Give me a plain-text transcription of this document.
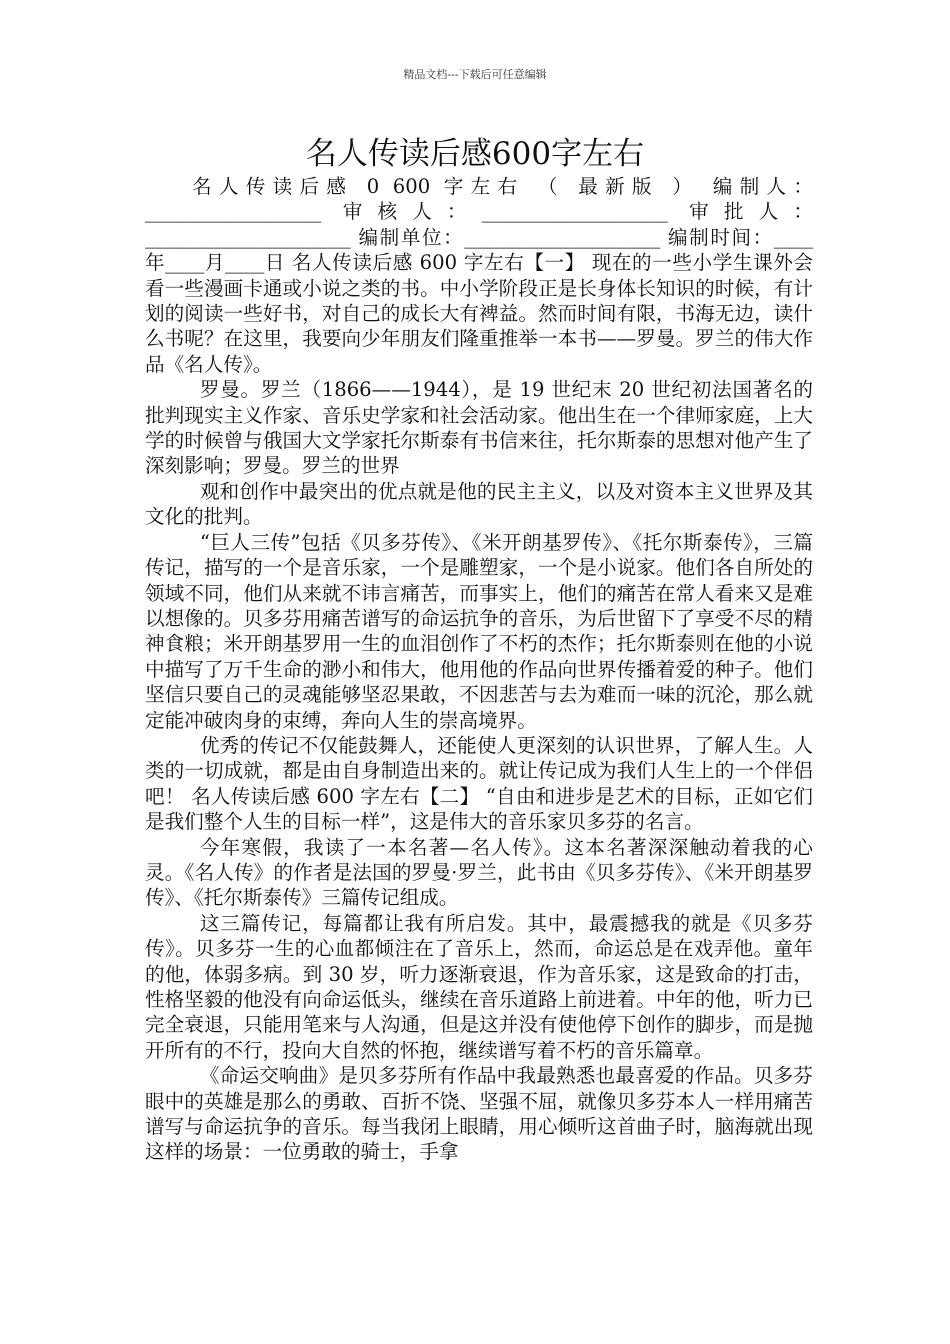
精品文档---下载后可任意编辑
名人传读后感600字左右

名人传读后感 0 600 字左右 （ 最新版 ） 编制人：__________________ 审核人：___________________ 审批人：_____________________ 编制单位：____________________ 编制时间：____年____月____日 名人传读后感 600 字左右【一】 现在的一些小学生课外会看一些漫画卡通或小说之类的书。中小学阶段正是长身体长知识的时候，有计划的阅读一些好书，对自己的成长大有裨益。然而时间有限，书海无边，读什么书呢？在这里，我要向少年朋友们隆重推举一本书——罗曼。罗兰的伟大作品《名人传》。

罗曼。罗兰（1866——1944），是 19 世纪末 20 世纪初法国著名的批判现实主义作家、音乐史学家和社会活动家。他出生在一个律师家庭，上大学的时候曾与俄国大文学家托尔斯泰有书信来往，托尔斯泰的思想对他产生了深刻影响；罗曼。罗兰的世界

观和创作中最突出的优点就是他的民主主义，以及对资本主义世界及其文化的批判。

“巨人三传”包括《贝多芬传》、《米开朗基罗传》、《托尔斯泰传》，三篇传记，描写的一个是音乐家，一个是雕塑家，一个是小说家。他们各自所处的领域不同，他们从来就不讳言痛苦，而事实上，他们的痛苦在常人看来又是难以想像的。贝多芬用痛苦谱写的命运抗争的音乐，为后世留下了享受不尽的精神食粮；米开朗基罗用一生的血泪创作了不朽的杰作；托尔斯泰则在他的小说中描写了万千生命的渺小和伟大，他用他的作品向世界传播着爱的种子。他们坚信只要自己的灵魂能够坚忍果敢，不因悲苦与去为难而一味的沉沦，那么就定能冲破肉身的束缚，奔向人生的崇高境界。

优秀的传记不仅能鼓舞人，还能使人更深刻的认识世界，了解人生。人类的一切成就，都是由自身制造出来的。就让传记成为我们人生上的一个伴侣吧！ 名人传读后感 600 字左右【二】 “自由和进步是艺术的目标，正如它们是我们整个人生的目标一样”，这是伟大的音乐家贝多芬的名言。

今年寒假，我读了一本名著—名人传》。这本名著深深触动着我的心灵。《名人传》的作者是法国的罗曼·罗兰，此书由《贝多芬传》、《米开朗基罗传》、《托尔斯泰传》三篇传记组成。

这三篇传记，每篇都让我有所启发。其中，最震撼我的就是《贝多芬传》。贝多芬一生的心血都倾注在了音乐上，然而，命运总是在戏弄他。童年的他，体弱多病。到 30 岁，听力逐渐衰退，作为音乐家，这是致命的打击，性格坚毅的他没有向命运低头，继续在音乐道路上前进着。中年的他，听力已完全衰退，只能用笔来与人沟通，但是这并没有使他停下创作的脚步，而是抛开所有的不行，投向大自然的怀抱，继续谱写着不朽的音乐篇章。

《命运交响曲》是贝多芬所有作品中我最熟悉也最喜爱的作品。贝多芬眼中的英雄是那么的勇敢、百折不饶、坚强不屈，就像贝多芬本人一样用痛苦谱写与命运抗争的音乐。每当我闭上眼睛，用心倾听这首曲子时，脑海就出现这样的场景：一位勇敢的骑士，手拿
